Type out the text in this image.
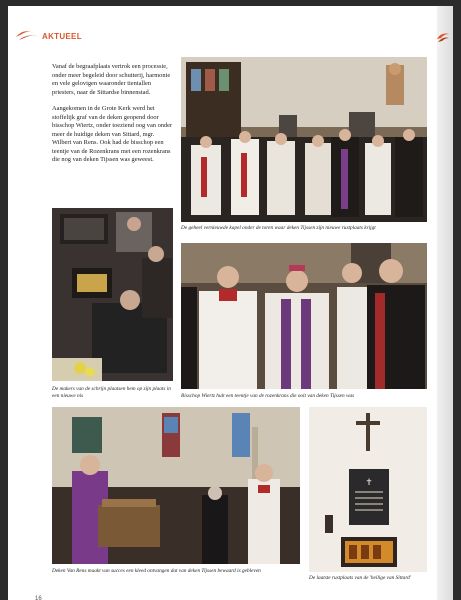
AKTUEEL

Vanaf de begraafplaats vertrok een processie, onder meer begeleid door schutterij, harmonie en vele gelovigen waaronder tientallen priesters, naar de Sittardse binnenstad.

Aangekomen in de Grote Kerk werd het stoffelijk graf van de deken geopend door bisschop Wiertz, onder toeziend oog van onder meer de huidige deken van Sittard, mgr. Wilbert van Rens. Ook had de bisschop een teentje van de Rozenkrans met een rozenkrans die nog van deken Tijssen was geweest.

De geheel vernieuwde kapel onder de toren waar deken Tijssen zijn nieuwe rustplaats krijgt
De makers van de schrijn plaatsen hem op zijn plaats in een nieuwe nis	Bisschop Wiertz hult een teentje van de rozenkrans die ooit van deken Tijssen was
Deken Van Rens maakt van succes een kleed ontvangen dat van deken Tijssen bewaard is gebleven
✝
De laatste rustplaats van de 'heilige van Sittard'
16
